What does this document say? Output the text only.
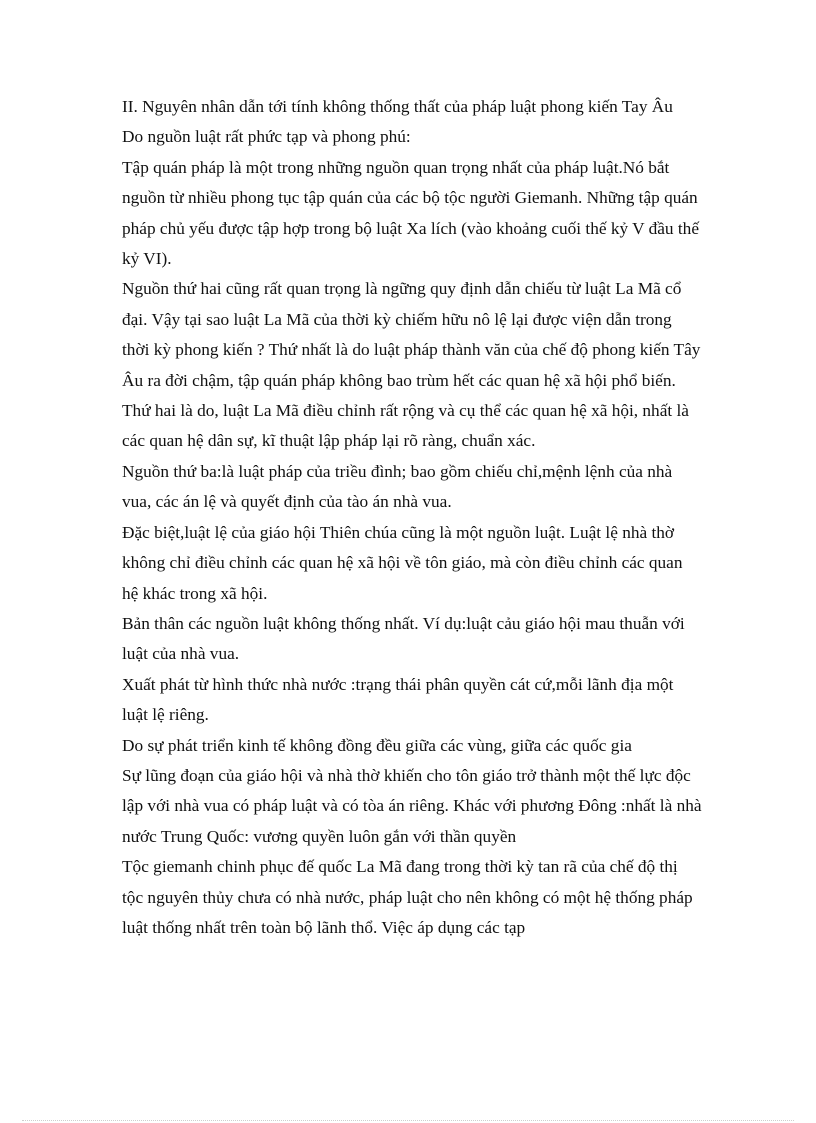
II. Nguyên nhân dẫn tới tính không thống thất của pháp luật phong kiến Tay Âu

Do nguồn luật rất phức tạp và phong phú:

Tập quán pháp là một trong những nguồn quan trọng nhất của pháp luật.Nó bắt nguồn từ nhiều phong tục tập quán của các bộ tộc người Giemanh. Những tập quán pháp chủ yếu được tập hợp trong bộ luật Xa lích (vào khoảng cuối thế kỷ V đầu thế kỷ VI).

Nguồn thứ hai cũng rất quan trọng là ngững quy định dẫn chiếu từ luật La Mã cổ đại. Vậy tại sao luật La Mã của thời kỳ chiếm hữu nô lệ lại được viện dẫn trong thời kỳ phong kiến ? Thứ nhất là do luật pháp thành văn của chế độ phong kiến Tây Âu ra đời chậm, tập quán pháp không bao trùm hết các quan hệ xã hội phổ biến. Thứ hai là do, luật La Mã điều chỉnh rất rộng và cụ thể các quan hệ xã hội, nhất là các quan hệ dân sự, kĩ thuật lập pháp lại rõ ràng, chuẩn xác.

Nguồn thứ ba:là luật pháp của triều đình; bao gồm chiếu chỉ,mệnh lệnh của nhà vua, các án lệ và quyết định của tào án nhà vua.

Đặc biệt,luật lệ của giáo hội Thiên chúa cũng là một nguồn luật. Luật lệ nhà thờ không chỉ điều chỉnh các quan hệ xã hội về tôn giáo, mà còn điều chỉnh các quan hệ khác trong xã hội.

Bản thân các nguồn luật không thống nhất. Ví dụ:luật cảu giáo hội mau thuẫn với luật của nhà vua.

Xuất phát từ hình thức nhà nước :trạng thái phân quyền cát cứ,mỗi lãnh địa một luật lệ riêng.

Do sự phát triển kinh tế không đồng đều giữa các vùng, giữa các quốc gia

Sự lũng đoạn của giáo hội và nhà thờ khiến cho tôn giáo trở thành một thế lực độc lập với nhà vua có pháp luật và có tòa án riêng. Khác với phương Đông :nhất là nhà nước Trung Quốc: vương quyền luôn gắn với thần quyền

Tộc giemanh chinh phục đế quốc La Mã đang trong thời kỳ tan rã của chế độ thị tộc nguyên thủy chưa có nhà nước, pháp luật cho nên không có một hệ thống pháp luật thống nhất trên toàn bộ lãnh thổ. Việc áp dụng các tạp
